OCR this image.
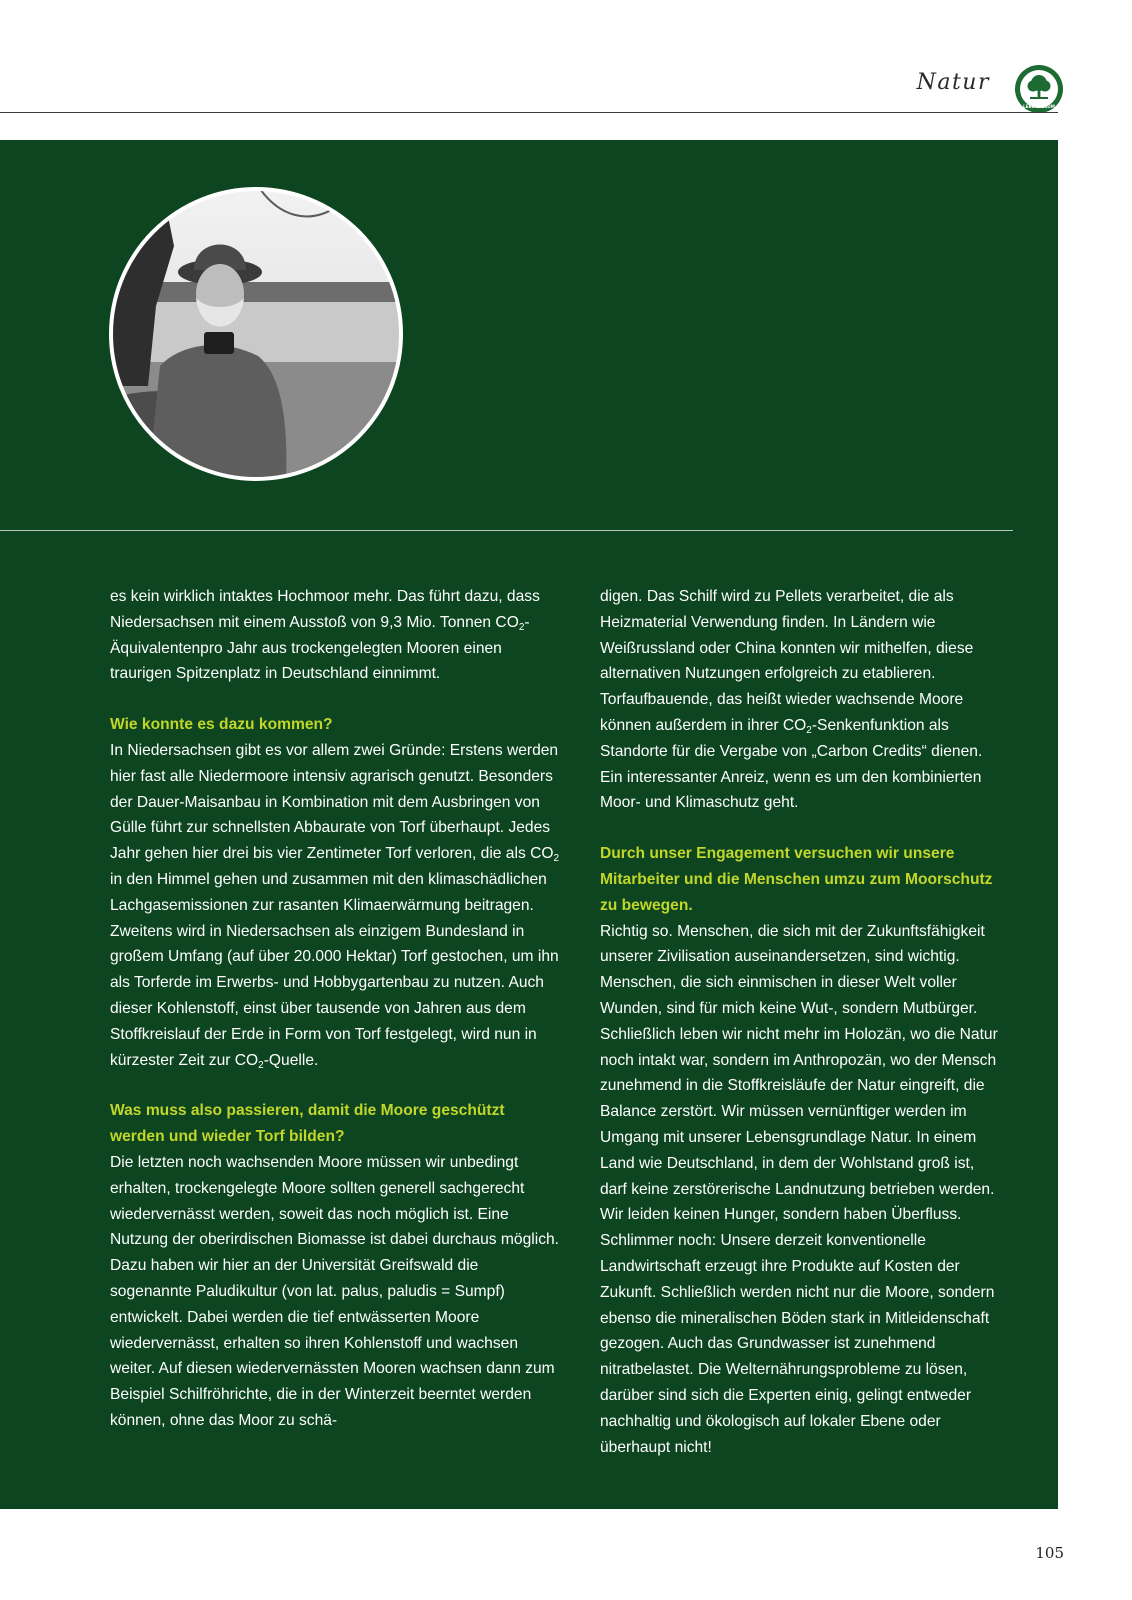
Natur
LEBENSBAUM

es kein wirklich intaktes Hochmoor mehr. Das führt dazu, dass Niedersachsen mit einem Ausstoß von 9,3 Mio. Tonnen $CO_2$-Äquivalentenpro Jahr aus trockengelegten Mooren einen traurigen Spitzenplatz in Deutschland einnimmt.

Wie konnte es dazu kommen?

In Niedersachsen gibt es vor allem zwei Gründe: Erstens werden hier fast alle Niedermoore intensiv agrarisch genutzt. Besonders der Dauer-Maisanbau in Kombination mit dem Ausbringen von Gülle führt zur schnellsten Abbaurate von Torf überhaupt. Jedes Jahr gehen hier drei bis vier Zentimeter Torf verloren, die als $CO_2$ in den Himmel gehen und zusammen mit den klimaschädlichen Lachgasemissionen zur rasanten Klimaerwärmung beitragen. Zweitens wird in Niedersachsen als einzigem Bundesland in großem Umfang (auf über 20.000 Hektar) Torf gestochen, um ihn als Torferde im Erwerbs- und Hobbygartenbau zu nutzen. Auch dieser Kohlenstoff, einst über tausende von Jahren aus dem Stoffkreislauf der Erde in Form von Torf festgelegt, wird nun in kürzester Zeit zur $CO_2$-Quelle.

Was muss also passieren, damit die Moore geschützt werden und wieder Torf bilden?

Die letzten noch wachsenden Moore müssen wir unbedingt erhalten, trockengelegte Moore sollten generell sachgerecht wiedervernässt werden, soweit das noch möglich ist. Eine Nutzung der oberirdischen Biomasse ist dabei durchaus möglich. Dazu haben wir hier an der Universität Greifswald die sogenannte Paludikultur (von lat. palus, paludis = Sumpf) entwickelt. Dabei werden die tief entwässerten Moore wiedervernässt, erhalten so ihren Kohlenstoff und wachsen weiter. Auf diesen wiedervernässten Mooren wachsen dann zum Beispiel Schilfröhrichte, die in der Winterzeit beerntet werden können, ohne das Moor zu schä-

digen. Das Schilf wird zu Pellets verarbeitet, die als Heizmaterial Verwendung finden. In Ländern wie Weißrussland oder China konnten wir mithelfen, diese alternativen Nutzungen erfolgreich zu etablieren. Torfaufbauende, das heißt wieder wachsende Moore können außerdem in ihrer $CO_2$-Senkenfunktion als Standorte für die Vergabe von „Carbon Credits“ dienen. Ein interessanter Anreiz, wenn es um den kombinierten Moor- und Klimaschutz geht.

Durch unser Engagement versuchen wir unsere Mitarbeiter und die Menschen umzu zum Moorschutz zu bewegen.

Richtig so. Menschen, die sich mit der Zukunftsfähigkeit unserer Zivilisation auseinandersetzen, sind wichtig. Menschen, die sich einmischen in dieser Welt voller Wunden, sind für mich keine Wut-, sondern Mutbürger. Schließlich leben wir nicht mehr im Holozän, wo die Natur noch intakt war, sondern im Anthropozän, wo der Mensch zunehmend in die Stoffkreisläufe der Natur eingreift, die Balance zerstört. Wir müssen vernünftiger werden im Umgang mit unserer Lebensgrundlage Natur. In einem Land wie Deutschland, in dem der Wohlstand groß ist, darf keine zerstörerische Landnutzung betrieben werden. Wir leiden keinen Hunger, sondern haben Überfluss. Schlimmer noch: Unsere derzeit konventionelle Landwirtschaft erzeugt ihre Produkte auf Kosten der Zukunft. Schließlich werden nicht nur die Moore, sondern ebenso die mineralischen Böden stark in Mitleidenschaft gezogen. Auch das Grundwasser ist zunehmend nitratbelastet. Die Welternährungsprobleme zu lösen, darüber sind sich die Experten einig, gelingt entweder nachhaltig und ökologisch auf lokaler Ebene oder überhaupt nicht!

105
